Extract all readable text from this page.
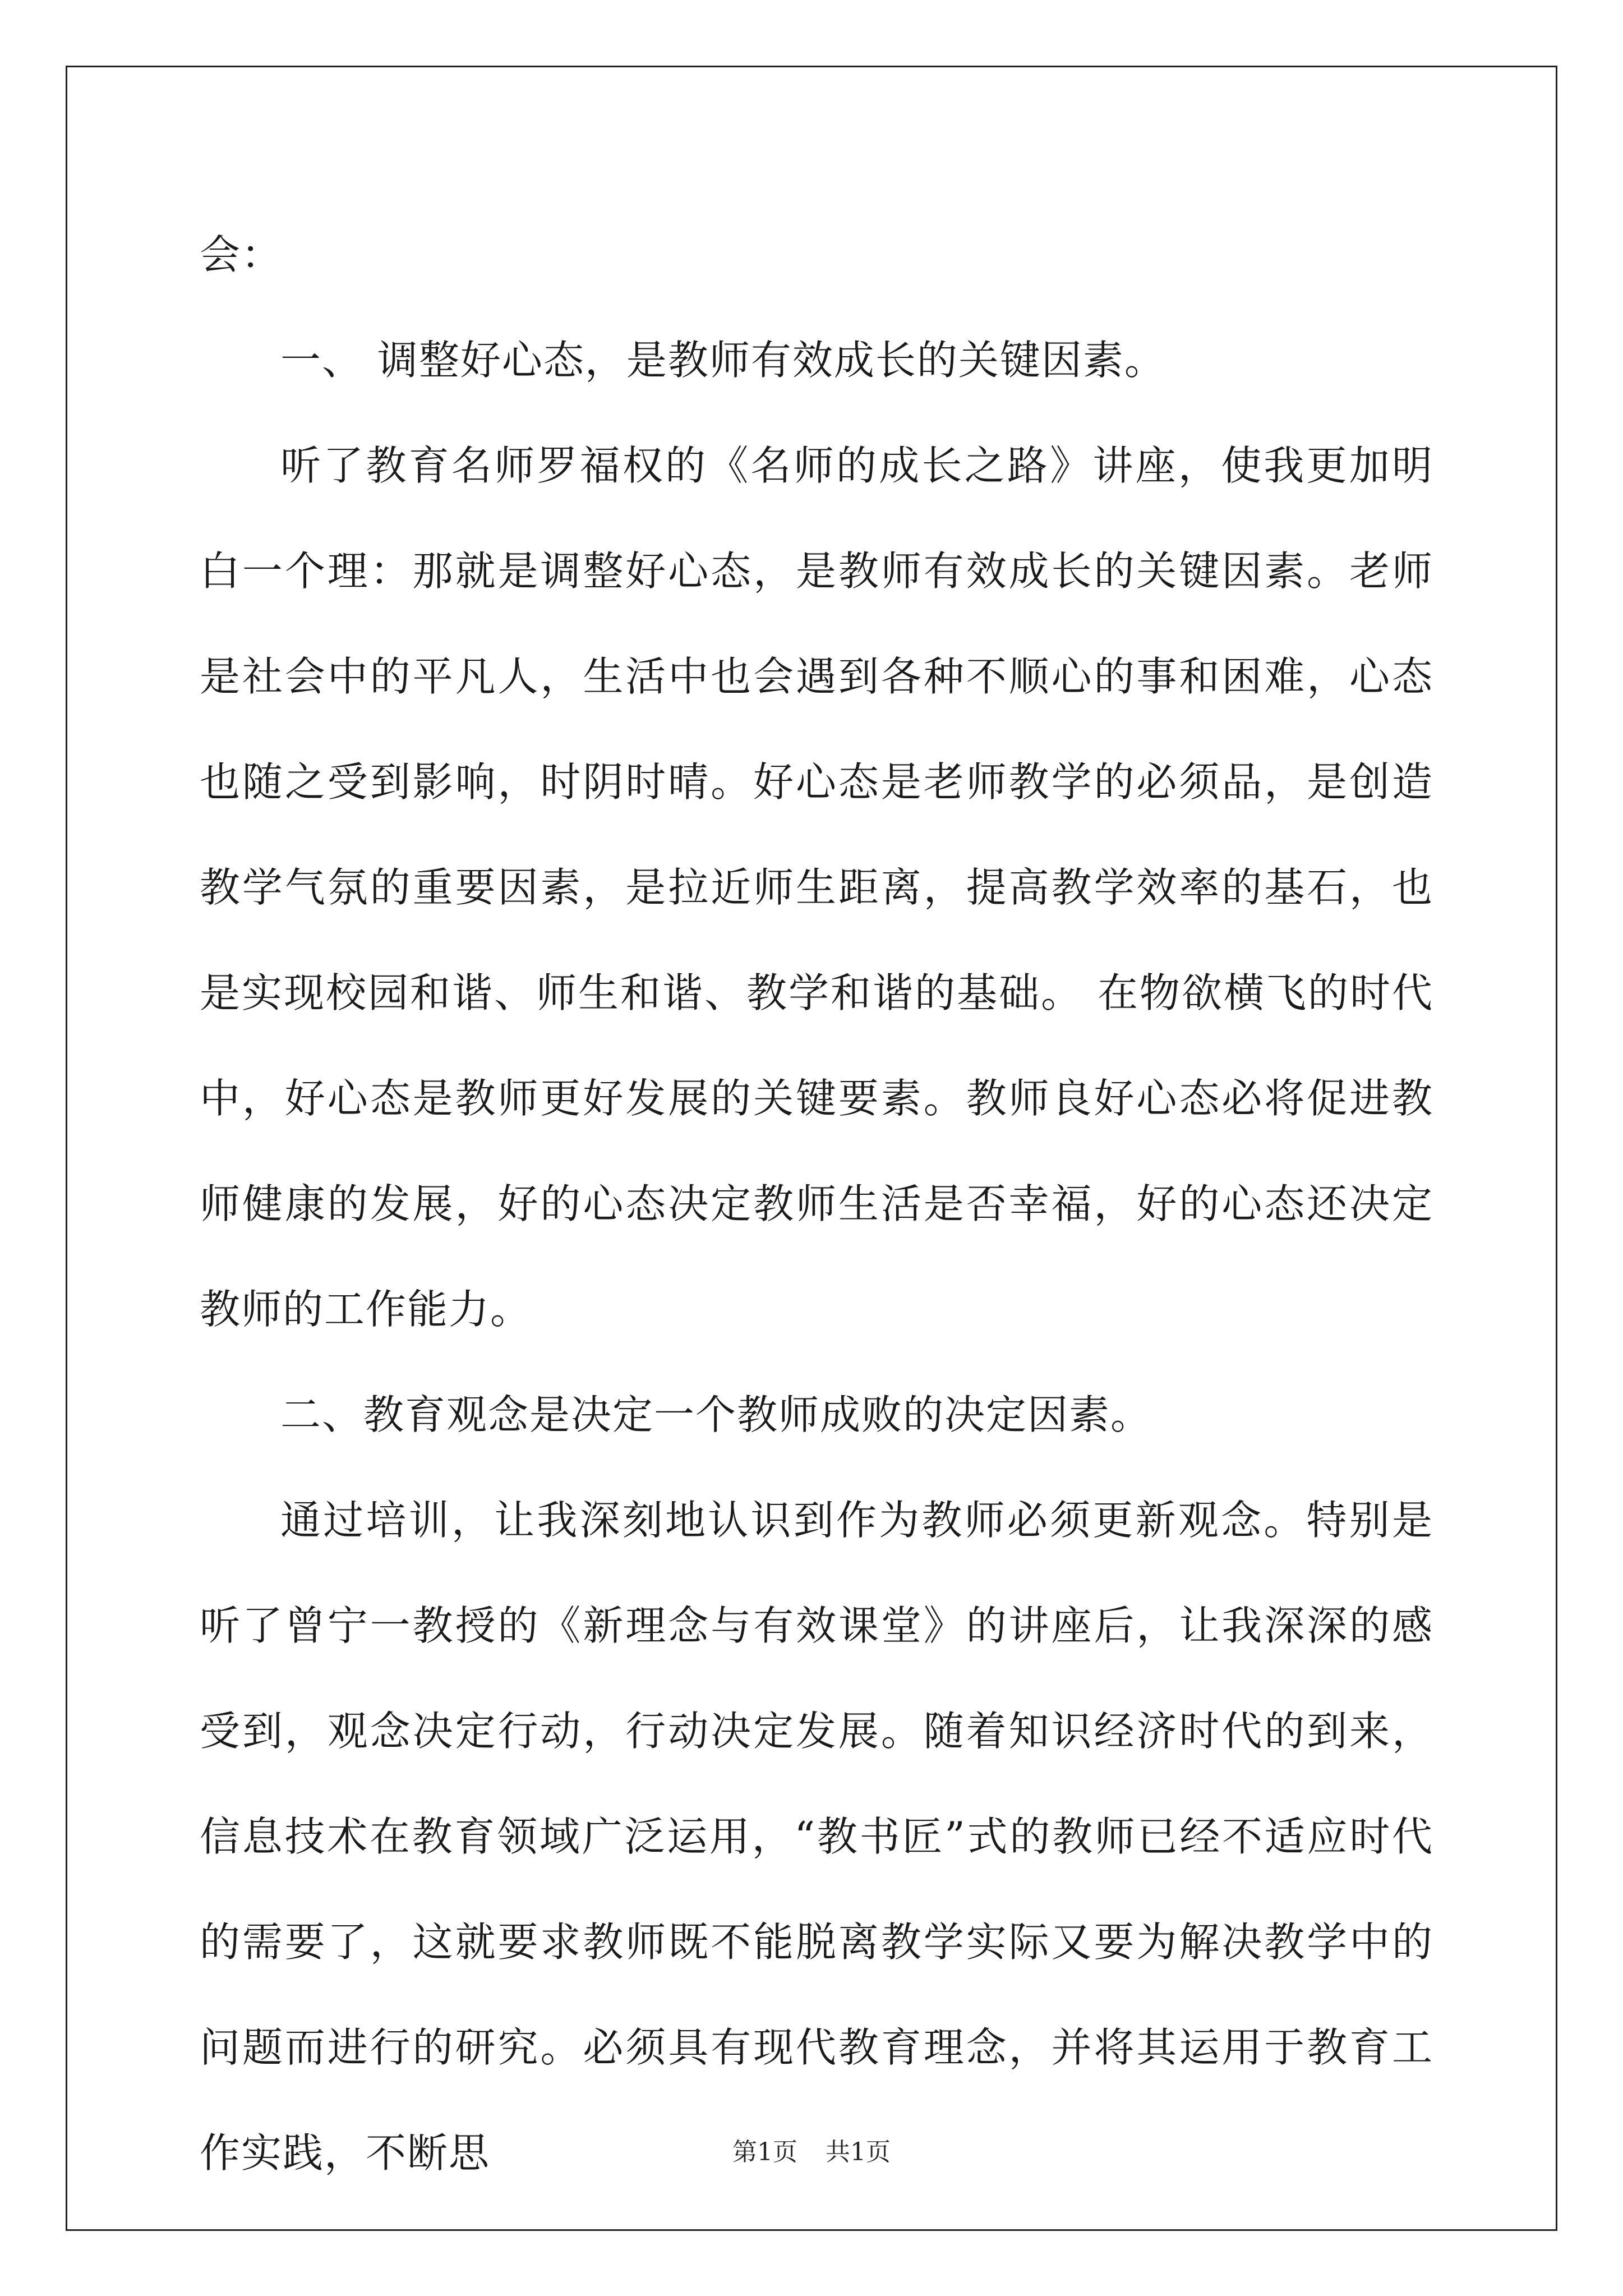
会：

一、 调整好心态，是教师有效成长的关键因素。

听了教育名师罗福权的《名师的成长之路》讲座，使我更加明白一个理：那就是调整好心态，是教师有效成长的关键因素。老师是社会中的平凡人，生活中也会遇到各种不顺心的事和困难，心态也随之受到影响，时阴时晴。好心态是老师教学的必须品，是创造教学气氛的重要因素，是拉近师生距离，提高教学效率的基石，也是实现校园和谐、师生和谐、教学和谐的基础。 在物欲横飞的时代中，好心态是教师更好发展的关键要素。教师良好心态必将促进教师健康的发展，好的心态决定教师生活是否幸福，好的心态还决定教师的工作能力。

二、教育观念是决定一个教师成败的决定因素。

通过培训，让我深刻地认识到作为教师必须更新观念。特别是听了曾宁一教授的《新理念与有效课堂》的讲座后，让我深深的感受到，观念决定行动，行动决定发展。随着知识经济时代的到来，信息技术在教育领域广泛运用，“教书匠”式的教师已经不适应时代的需要了，这就要求教师既不能脱离教学实际又要为解决教学中的问题而进行的研究。必须具有现代教育理念，并将其运用于教育工作实践，不断思	第1页 共1页
